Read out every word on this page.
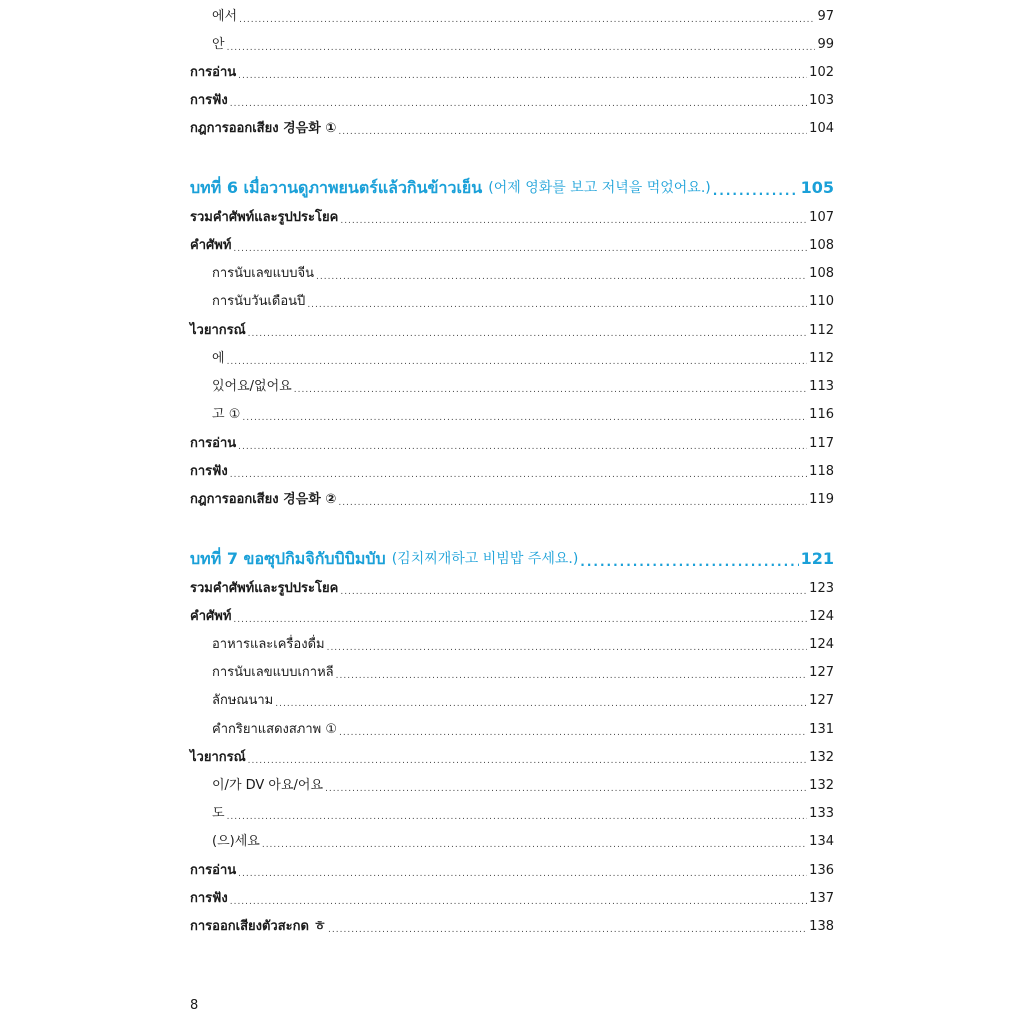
에서 .....	97
안 .....	99
การอ่าน .....	102
การฟัง .....	103
กฎการออกเสียง 경음화 ① .....	104
บทที่ 6 เมื่อวานดูภาพยนตร์แล้วกินข้าวเย็น (어제 영화를 보고 저녁을 먹었어요.) .....	105
รวมคำศัพท์และรูปประโยค .....	107
คำศัพท์ .....	108
การนับเลขแบบจีน .....	108
การนับวันเดือนปี .....	110
ไวยากรณ์ .....	112
에 .....	112
있어요/없어요 .....	113
고 ① .....	116
การอ่าน .....	117
การฟัง .....	118
กฎการออกเสียง 경음화 ② .....	119
บทที่ 7 ขอซุปกิมจิกับบิบิมบับ (김치찌개하고 비빔밥 주세요.) .....	121
รวมคำศัพท์และรูปประโยค .....	123
คำศัพท์ .....	124
อาหารและเครื่องดื่ม .....	124
การนับเลขแบบเกาหลี .....	127
ลักษณนาม .....	127
คำกริยาแสดงสภาพ ① .....	131
ไวยากรณ์ .....	132
이/가 DV 아요/어요 .....	132
도 .....	133
(으)세요 .....	134
การอ่าน .....	136
การฟัง .....	137
การออกเสียงตัวสะกด ㅎ .....	138
8
